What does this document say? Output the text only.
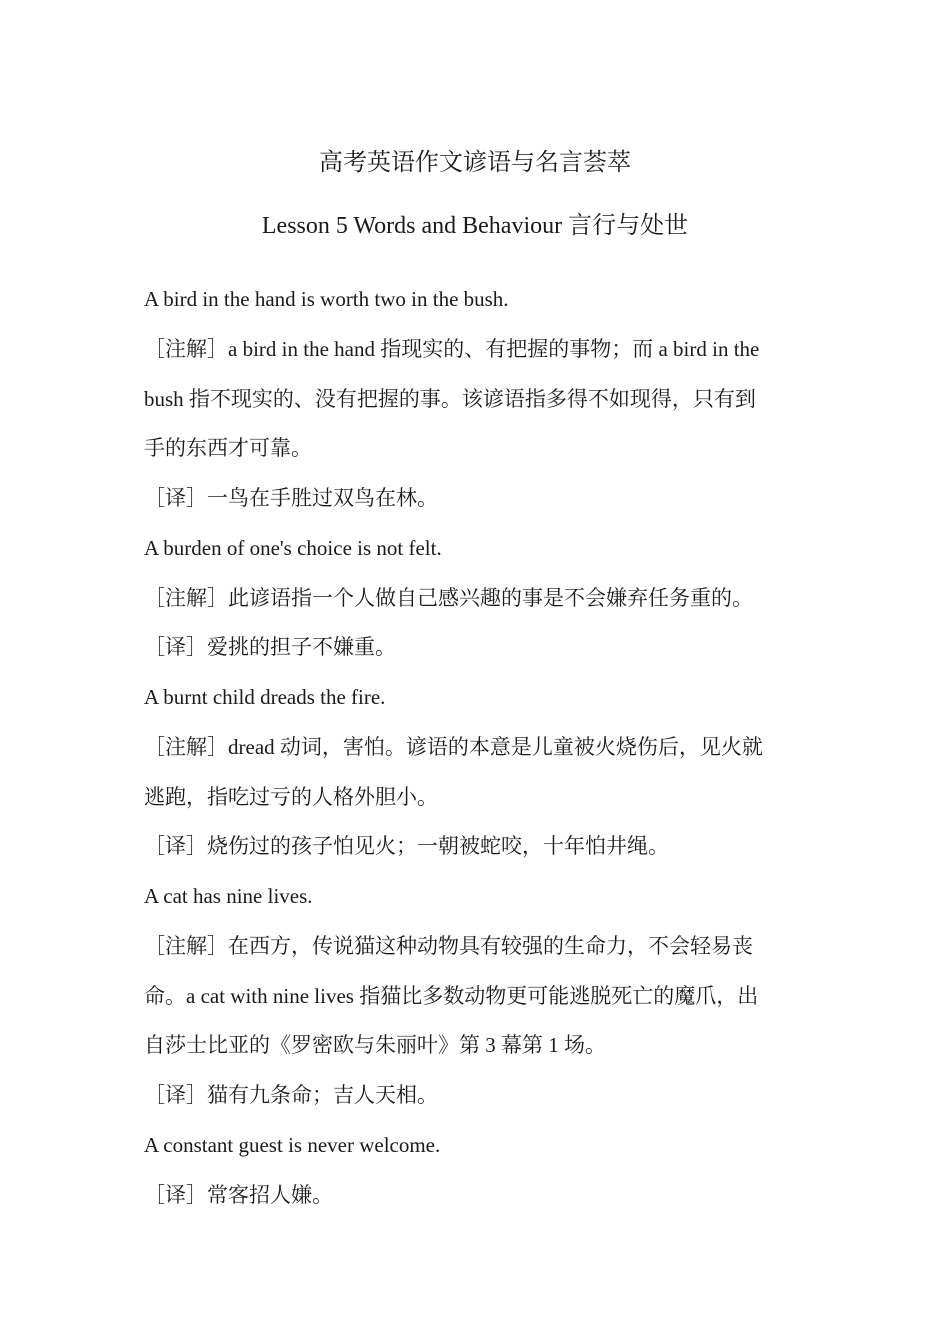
高考英语作文谚语与名言荟萃
Lesson 5 Words and Behaviour 言行与处世
A bird in the hand is worth two in the bush.
［注解］a bird in the hand 指现实的、有把握的事物；而 a bird in the
bush 指不现实的、没有把握的事。该谚语指多得不如现得，只有到
手的东西才可靠。
［译］一鸟在手胜过双鸟在林。
A burden of one's choice is not felt.
［注解］此谚语指一个人做自己感兴趣的事是不会嫌弃任务重的。
［译］爱挑的担子不嫌重。
A burnt child dreads the fire.
［注解］dread 动词，害怕。谚语的本意是儿童被火烧伤后，见火就
逃跑，指吃过亏的人格外胆小。
［译］烧伤过的孩子怕见火；一朝被蛇咬，十年怕井绳。
A cat has nine lives.
［注解］在西方，传说猫这种动物具有较强的生命力，不会轻易丧
命。a cat with nine lives 指猫比多数动物更可能逃脱死亡的魔爪，出
自莎士比亚的《罗密欧与朱丽叶》第 3 幕第 1 场。
［译］猫有九条命；吉人天相。
A constant guest is never welcome.
［译］常客招人嫌。
